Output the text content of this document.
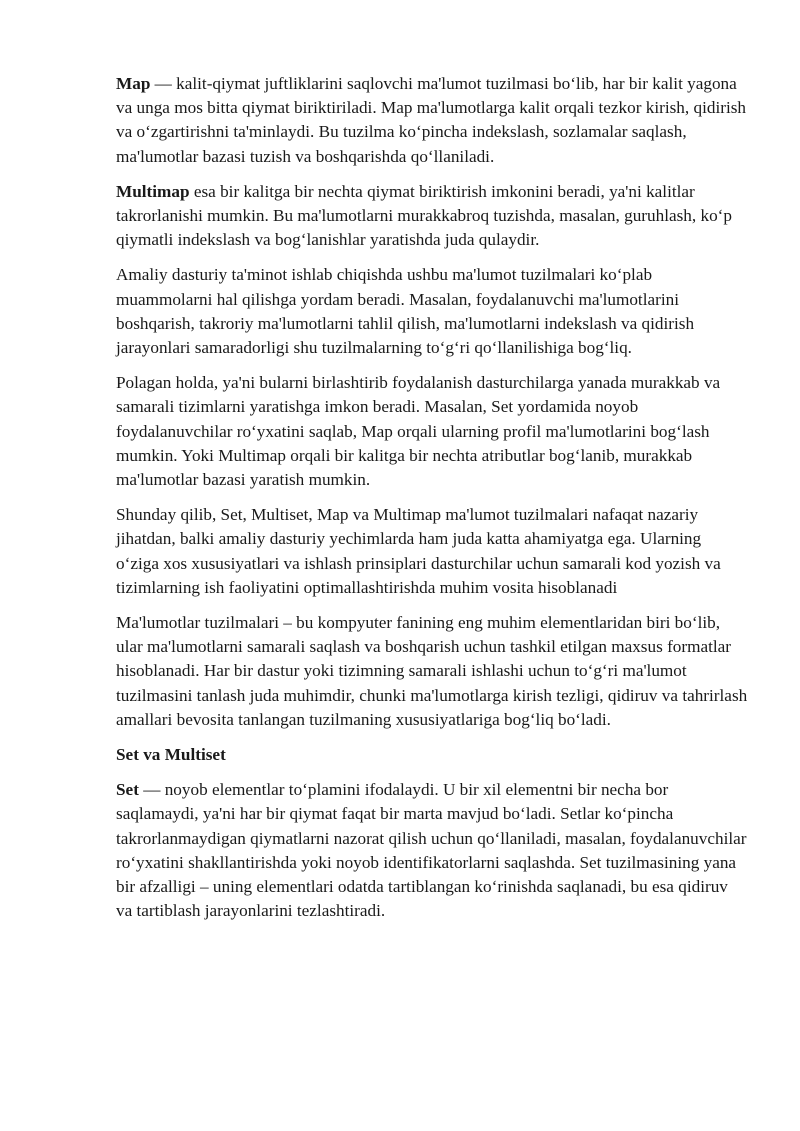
Map — kalit-qiymat juftliklarini saqlovchi ma'lumot tuzilmasi boʻlib, har bir kalit yagona va unga mos bitta qiymat biriktiriladi. Map ma'lumotlarga kalit orqali tezkor kirish, qidirish va oʻzgartirishni ta'minlaydi. Bu tuzilma koʻpincha indekslash, sozlamalar saqlash, ma'lumotlar bazasi tuzish va boshqarishda qoʻllaniladi.

Multimap esa bir kalitga bir nechta qiymat biriktirish imkonini beradi, ya'ni kalitlar takrorlanishi mumkin. Bu ma'lumotlarni murakkabroq tuzishda, masalan, guruhlash, koʻp qiymatli indekslash va bogʻlanishlar yaratishda juda qulaydir.

Amaliy dasturiy ta'minot ishlab chiqishda ushbu ma'lumot tuzilmalari koʻplab muammolarni hal qilishga yordam beradi. Masalan, foydalanuvchi ma'lumotlarini boshqarish, takroriy ma'lumotlarni tahlil qilish, ma'lumotlarni indekslash va qidirish jarayonlari samaradorligi shu tuzilmalarning toʻgʻri qoʻllanilishiga bogʻliq.

Polagan holda, ya'ni bularni birlashtirib foydalanish dasturchilarga yanada murakkab va samarali tizimlarni yaratishga imkon beradi. Masalan, Set yordamida noyob foydalanuvchilar roʻyxatini saqlab, Map orqali ularning profil ma'lumotlarini bogʻlash mumkin. Yoki Multimap orqali bir kalitga bir nechta atributlar bogʻlanib, murakkab ma'lumotlar bazasi yaratish mumkin.

Shunday qilib, Set, Multiset, Map va Multimap ma'lumot tuzilmalari nafaqat nazariy jihatdan, balki amaliy dasturiy yechimlarda ham juda katta ahamiyatga ega. Ularning oʻziga xos xususiyatlari va ishlash prinsiplari dasturchilar uchun samarali kod yozish va tizimlarning ish faoliyatini optimallashtirishda muhim vosita hisoblanadi

Ma'lumotlar tuzilmalari – bu kompyuter fanining eng muhim elementlaridan biri boʻlib, ular ma'lumotlarni samarali saqlash va boshqarish uchun tashkil etilgan maxsus formatlar hisoblanadi. Har bir dastur yoki tizimning samarali ishlashi uchun toʻgʻri ma'lumot tuzilmasini tanlash juda muhimdir, chunki ma'lumotlarga kirish tezligi, qidiruv va tahrirlash amallari bevosita tanlangan tuzilmaning xususiyatlariga bogʻliq boʻladi.

Set va Multiset

Set — noyob elementlar toʻplamini ifodalaydi. U bir xil elementni bir necha bor saqlamaydi, ya'ni har bir qiymat faqat bir marta mavjud boʻladi. Setlar koʻpincha takrorlanmaydigan qiymatlarni nazorat qilish uchun qoʻllaniladi, masalan, foydalanuvchilar roʻyxatini shakllantirishda yoki noyob identifikatorlarni saqlashda. Set tuzilmasining yana bir afzalligi – uning elementlari odatda tartiblangan koʻrinishda saqlanadi, bu esa qidiruv va tartiblash jarayonlarini tezlashtiradi.
